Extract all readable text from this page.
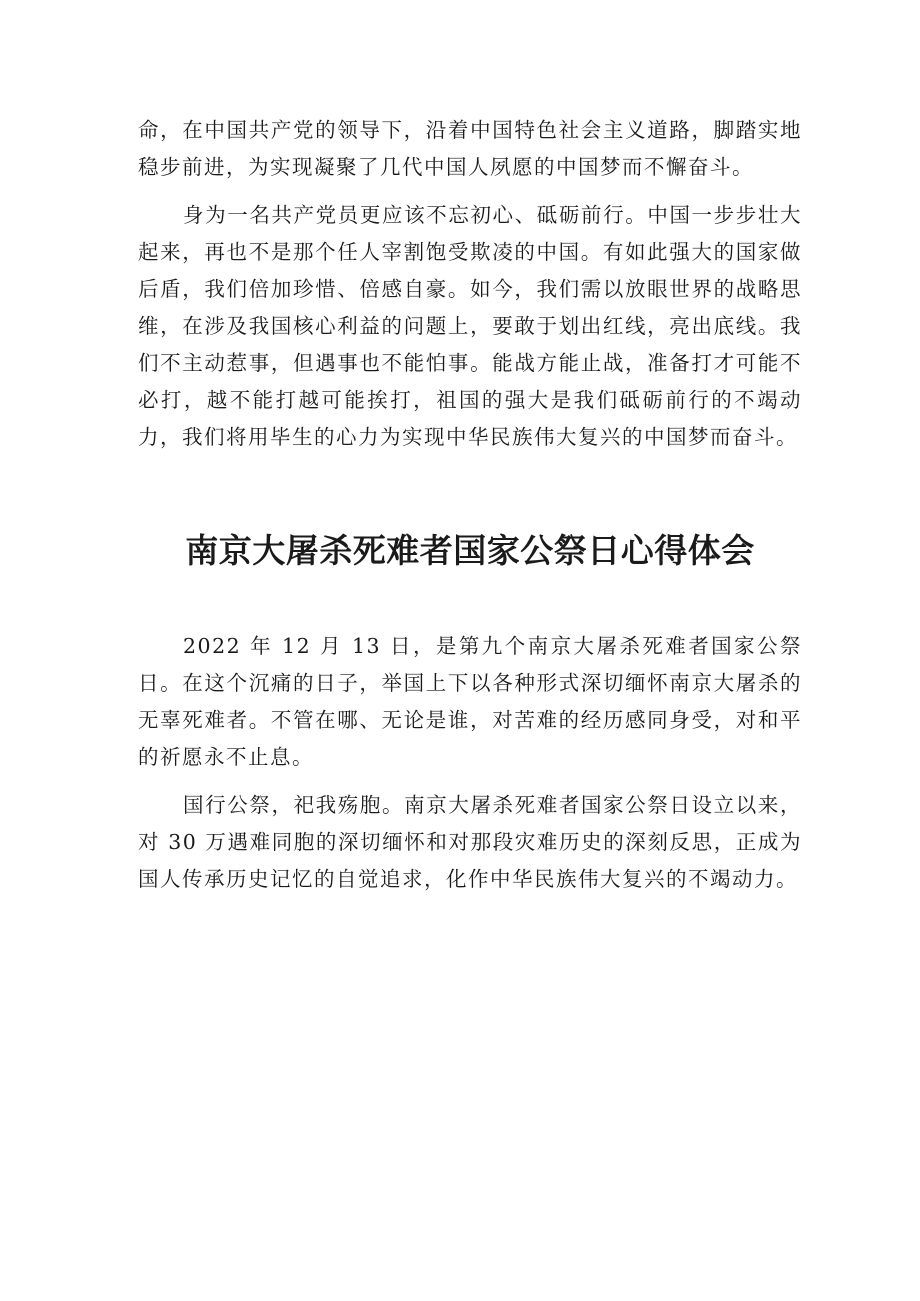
命，在中国共产党的领导下，沿着中国特色社会主义道路，脚踏实地稳步前进，为实现凝聚了几代中国人夙愿的中国梦而不懈奋斗。

身为一名共产党员更应该不忘初心、砥砺前行。中国一步步壮大起来，再也不是那个任人宰割饱受欺凌的中国。有如此强大的国家做后盾，我们倍加珍惜、倍感自豪。如今，我们需以放眼世界的战略思维，在涉及我国核心利益的问题上，要敢于划出红线，亮出底线。我们不主动惹事，但遇事也不能怕事。能战方能止战，准备打才可能不必打，越不能打越可能挨打，祖国的强大是我们砥砺前行的不竭动力，我们将用毕生的心力为实现中华民族伟大复兴的中国梦而奋斗。

南京大屠杀死难者国家公祭日心得体会

2022 年 12 月 13 日，是第九个南京大屠杀死难者国家公祭日。在这个沉痛的日子，举国上下以各种形式深切缅怀南京大屠杀的无辜死难者。不管在哪、无论是谁，对苦难的经历感同身受，对和平的祈愿永不止息。

国行公祭，祀我殇胞。南京大屠杀死难者国家公祭日设立以来，对 30 万遇难同胞的深切缅怀和对那段灾难历史的深刻反思，正成为国人传承历史记忆的自觉追求，化作中华民族伟大复兴的不竭动力。
